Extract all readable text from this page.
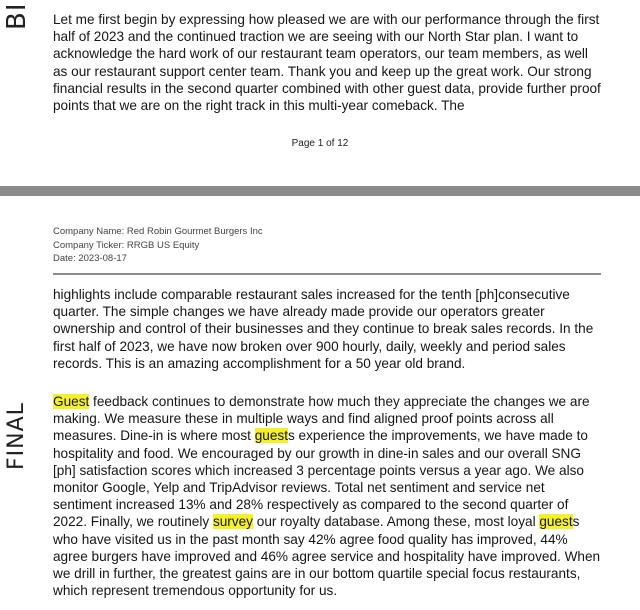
BI Let me first begin by expressing how pleased we are with our performance through the first half of 2023 and the continued traction we are seeing with our North Star plan. I want to acknowledge the hard work of our restaurant team operators, our team members, as well as our restaurant support center team. Thank you and keep up the great work. Our strong financial results in the second quarter combined with other guest data, provide further proof points that we are on the right track in this multi-year comeback. The

Page 1 of 12
Company Name: Red Robin Gourmet Burgers Inc
Company Ticker: RRGB US Equity
Date: 2023-08-17

highlights include comparable restaurant sales increased for the tenth [ph]consecutive quarter. The simple changes we have already made provide our operators greater ownership and control of their businesses and they continue to break sales records. In the first half of 2023, we have now broken over 900 hourly, daily, weekly and period sales records. This is an amazing accomplishment for a 50 year old brand.

Guest feedback continues to demonstrate how much they appreciate the changes we are making. We measure these in multiple ways and find aligned proof points across all measures. Dine-in is where most guests experience the improvements, we have made to hospitality and food. We encouraged by our growth in dine-in sales and our overall SNG [ph] satisfaction scores which increased 3 percentage points versus a year ago. We also monitor Google, Yelp and TripAdvisor reviews. Total net sentiment and service net sentiment increased 13% and 28% respectively as compared to the second quarter of 2022. Finally, we routinely survey our royalty database. Among these, most loyal guests who have visited us in the past month say 42% agree food quality has improved, 44% agree burgers have improved and 46% agree service and hospitality have improved. When we drill in further, the greatest gains are in our bottom quartile special focus restaurants, which represent tremendous opportunity for us.

FINAL
